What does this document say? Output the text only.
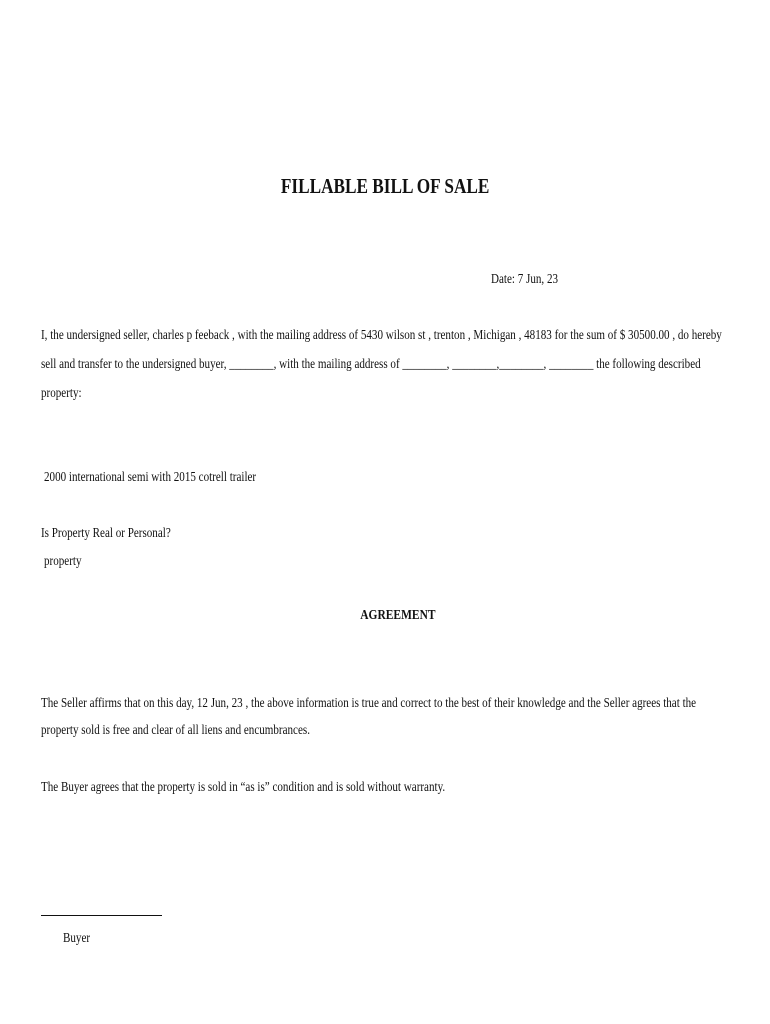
FILLABLE BILL OF SALE
Date: 7 Jun, 23
I, the undersigned seller, charles p feeback , with the mailing address of 5430 wilson st , trenton , Michigan , 48183 for the sum of $ 30500.00 , do hereby
sell and transfer to the undersigned buyer, ________, with the mailing address of ________, ________,________, ________ the following described
property:
2000 international semi with 2015 cotrell trailer
Is Property Real or Personal?
property
AGREEMENT
The Seller affirms that on this day, 12 Jun, 23 , the above information is true and correct to the best of their knowledge and the Seller agrees that the
property sold is free and clear of all liens and encumbrances.
The Buyer agrees that the property is sold in “as is” condition and is sold without warranty.
Buyer
